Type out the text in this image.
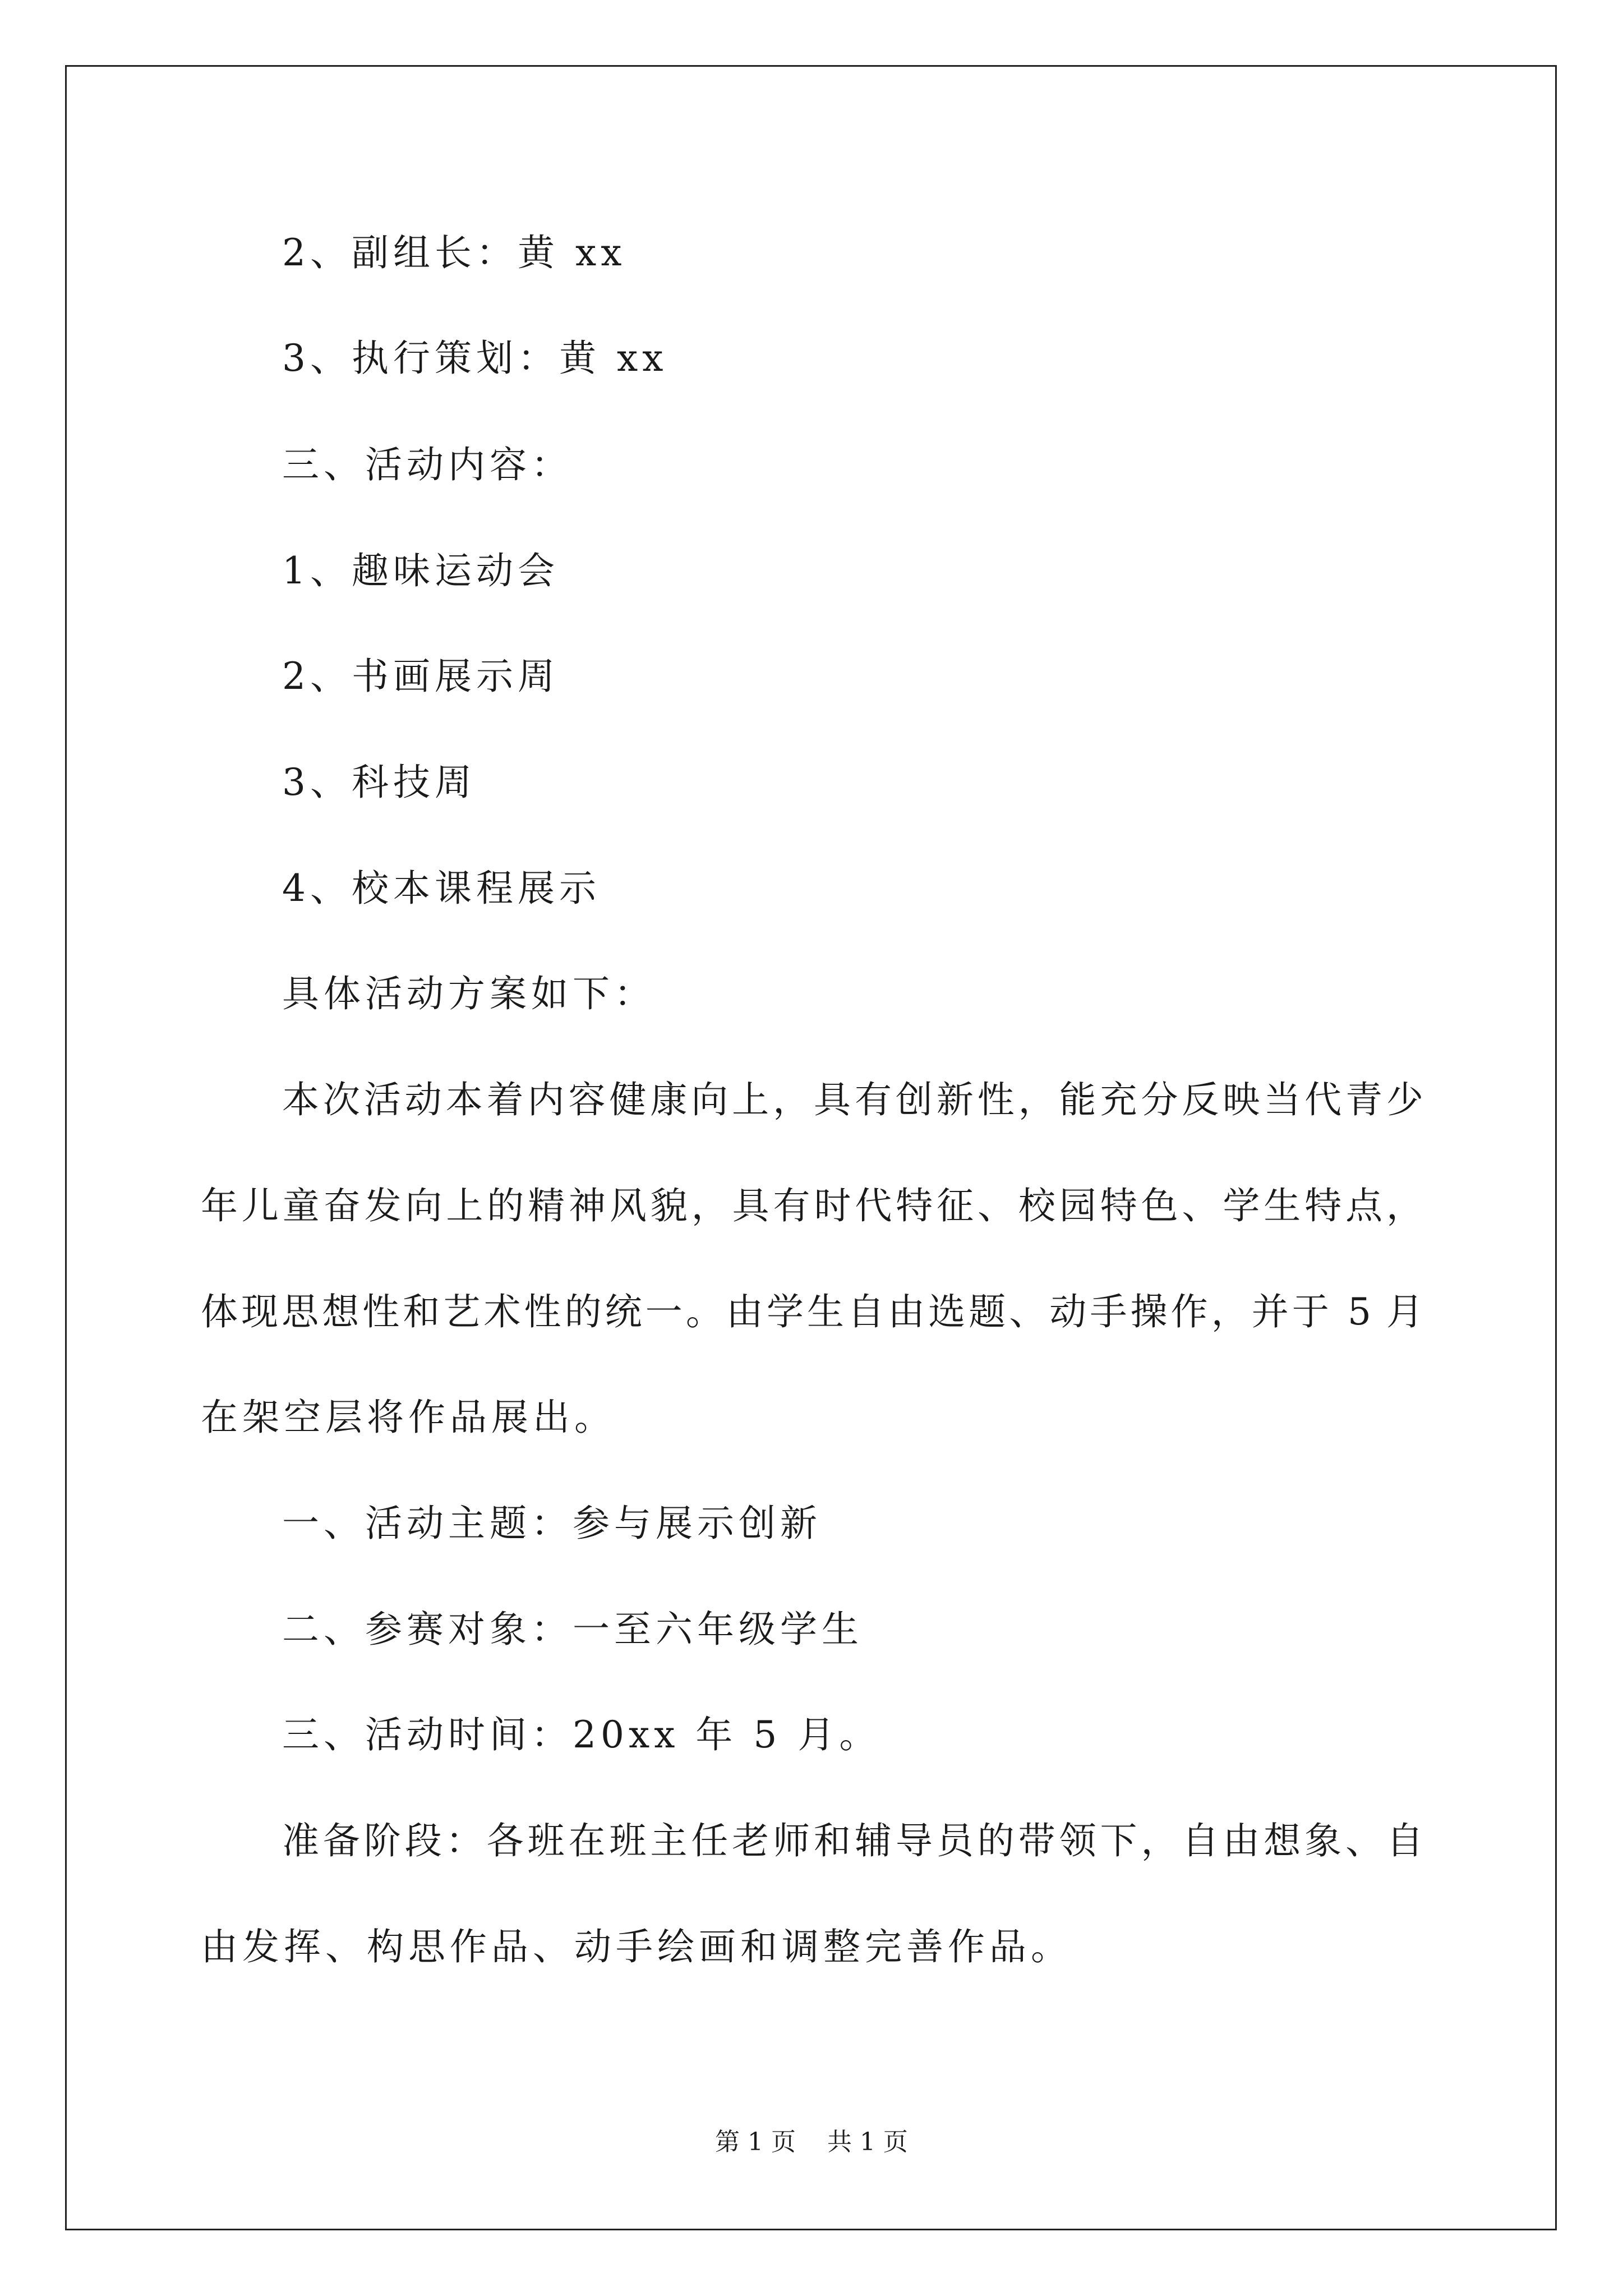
2、副组长：黄 xx
3、执行策划：黄 xx
三、活动内容：
1、趣味运动会
2、书画展示周
3、科技周
4、校本课程展示
具体活动方案如下：
本次活动本着内容健康向上，具有创新性，能充分反映当代青少
年儿童奋发向上的精神风貌，具有时代特征、校园特色、学生特点，
体现思想性和艺术性的统一。由学生自由选题、动手操作，并于 5 月
在架空层将作品展出。
一、活动主题：参与展示创新
二、参赛对象：一至六年级学生
三、活动时间：20xx 年 5 月。
准备阶段：各班在班主任老师和辅导员的带领下，自由想象、自
由发挥、构思作品、动手绘画和调整完善作品。
第 1 页    共 1 页
